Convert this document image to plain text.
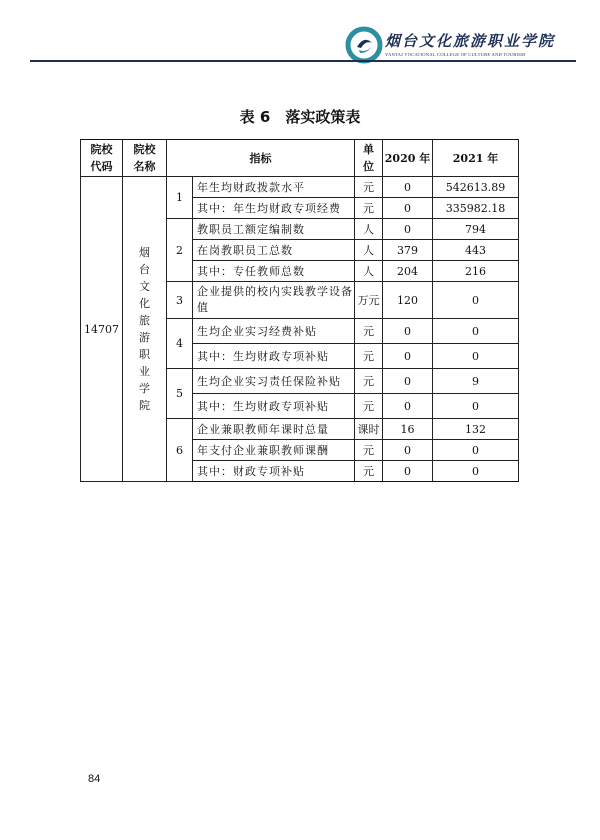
烟台文化旅游职业学院
YANTAI VOCATIONAL COLLEGE OF CULTURE AND TOURISM
表 6　落实政策表
院校代码	院校名称	指标		单位	2020 年	2021 年
14707	烟台文化旅游职业学院	1	年生均财政拨款水平	元	0	542613.89
			其中：年生均财政专项经费	元	0	335982.18
		2	教职员工额定编制数	人	0	794
			在岗教职员工总数	人	379	443
			其中：专任教师总数	人	204	216
		3	企业提供的校内实践教学设备值	万元	120	0
		4	生均企业实习经费补贴	元	0	0
			其中：生均财政专项补贴	元	0	0
		5	生均企业实习责任保险补贴	元	0	9
			其中：生均财政专项补贴	元	0	0
		6	企业兼职教师年课时总量	课时	16	132
			年支付企业兼职教师课酬	元	0	0
			其中：财政专项补贴	元	0	0
84
